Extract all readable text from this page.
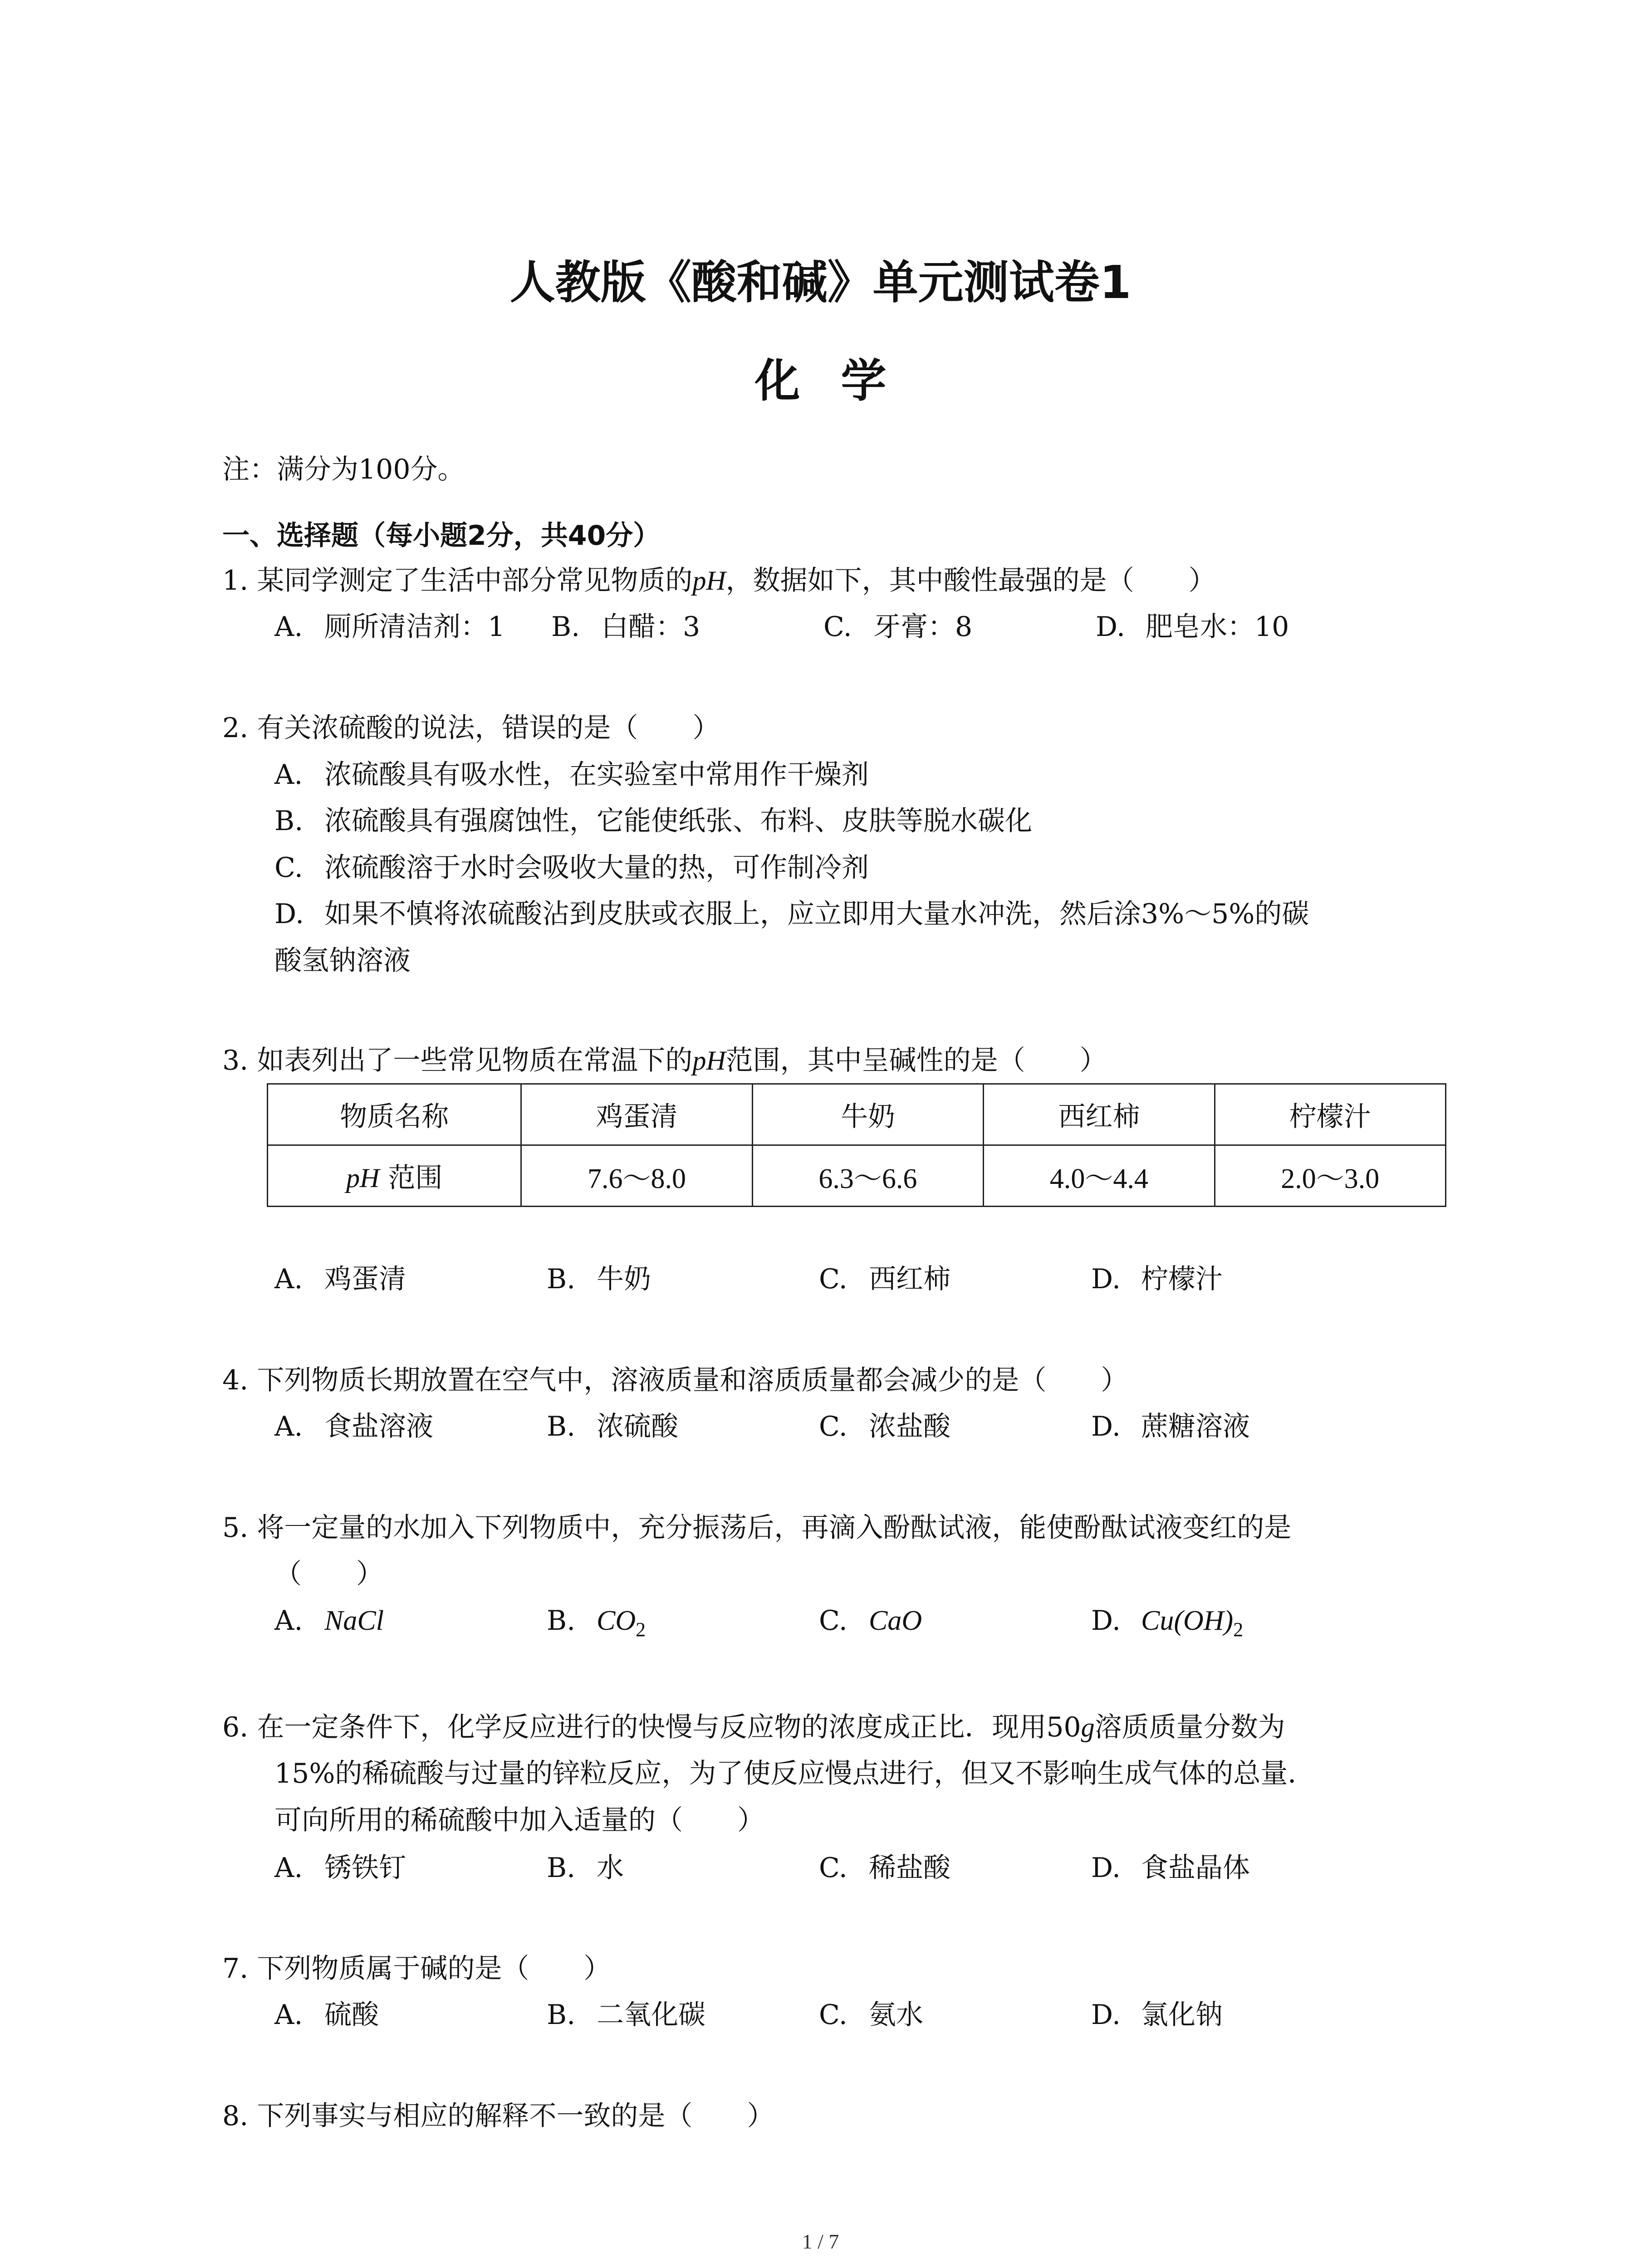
人教版《酸和碱》单元测试卷1
化学
注：满分为100分。
一、选择题（每小题2分，共40分）
1. 某同学测定了生活中部分常见物质的pH，数据如下，其中酸性最强的是（　　）
A. 厕所清洁剂：1 B. 白醋：3	C. 牙膏：8	D. 肥皂水：10
2. 有关浓硫酸的说法，错误的是（　　）
A. 浓硫酸具有吸水性，在实验室中常用作干燥剂
B. 浓硫酸具有强腐蚀性，它能使纸张、布料、皮肤等脱水碳化
C. 浓硫酸溶于水时会吸收大量的热，可作制冷剂
D. 如果不慎将浓硫酸沾到皮肤或衣服上，应立即用大量水冲洗，然后涂3%～5%的碳
酸氢钠溶液
3. 如表列出了一些常见物质在常温下的pH范围，其中呈碱性的是（　　）
物质名称	鸡蛋清	牛奶	西红柿	柠檬汁
pH 范围	7.6～8.0	6.3～6.6	4.0～4.4	2.0～3.0
A. 鸡蛋清	B. 牛奶	C. 西红柿	D. 柠檬汁
4. 下列物质长期放置在空气中，溶液质量和溶质质量都会减少的是（　　）
A. 食盐溶液	B. 浓硫酸	C. 浓盐酸	D. 蔗糖溶液
5. 将一定量的水加入下列物质中，充分振荡后，再滴入酚酞试液，能使酚酞试液变红的是
（　　）
A. NaCl	B. $CO_2$	C. CaO	D. $Cu(OH)_2$
6. 在一定条件下，化学反应进行的快慢与反应物的浓度成正比．现用50g溶质质量分数为
15%的稀硫酸与过量的锌粒反应，为了使反应慢点进行，但又不影响生成气体的总量．
可向所用的稀硫酸中加入适量的（　　）
A. 锈铁钉	B. 水	C. 稀盐酸	D. 食盐晶体
7. 下列物质属于碱的是（　　）
A. 硫酸	B. 二氧化碳	C. 氨水	D. 氯化钠
8. 下列事实与相应的解释不一致的是（　　）
1 / 7
